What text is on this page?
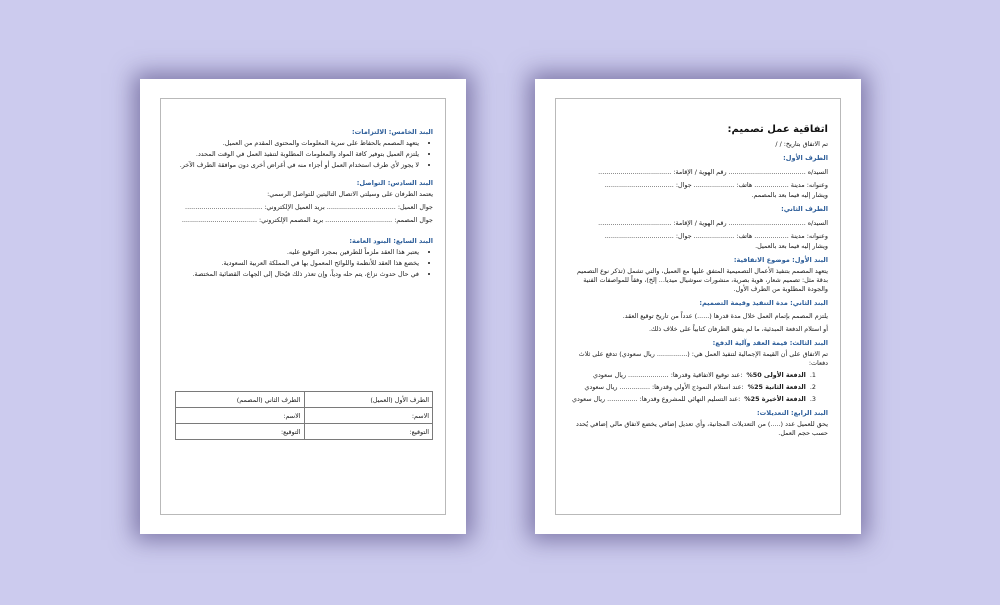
البند الخامس: الالتزامات:
• يتعهد المصمم بالحفاظ على سرية المعلومات والمحتوى المقدم من العميل.
• يلتزم العميل بتوفير كافة المواد والمعلومات المطلوبة لتنفيذ العمل في الوقت المحدد.
• لا يجوز لأي طرف استخدام العمل أو أجزاء منه في أغراض أخرى دون موافقة الطرف الآخر.
البند السادس: التواصل:
يعتمد الطرفان على وسيلتي الاتصال التاليتين للتواصل الرسمي:
جوال العميل: .................................. بريد العميل الإلكتروني: ......................................
جوال المصمم: ................................. بريد المصمم الإلكتروني: .....................................
البند السابع: البنود العامة:
• يعتبر هذا العقد ملزماً للطرفين بمجرد التوقيع عليه.
• يخضع هذا العقد للأنظمة واللوائح المعمول بها في المملكة العربية السعودية.
• في حال حدوث نزاع، يتم حله ودياً، وإن تعذر ذلك فيُحال إلى الجهات القضائية المختصة.
الطرف الأول (العميل)	الطرف الثاني (المصمم)
الاسم:	الاسم:
التوقيع:	التوقيع:
اتفاقية عمل تصميم:
تم الاتفاق بتاريخ: / /
الطرف الأول:
السيد/ه ...................................... رقم الهوية / الإقامة: ....................................
وعنوانه: مدينة ................. هاتف: .................... جوال: ..................................
ويشار إليه فيما بعد بالمصمم.
الطرف الثاني:
السيد/ه ...................................... رقم الهوية / الإقامة: ....................................
وعنوانه: مدينة ................. هاتف: .................... جوال: ..................................
ويشار إليه فيما بعد بالعميل.
البند الأول: موضوع الاتفاقية:
يتعهد المصمم بتنفيذ الأعمال التصميمية المتفق عليها مع العميل، والتي تشمل (تذكر نوع التصميم بدقة مثل: تصميم شعار، هوية بصرية، منشورات سوشيال ميديا... إلخ)، وفقاً للمواصفات الفنية والجودة المطلوبة من الطرف الأول.
البند الثاني: مدة التنفيذ وقيمة التصميم:
يلتزم المصمم بإتمام العمل خلال مدة قدرها (......) عدداً من تاريخ توقيع العقد.
أو استلام الدفعة المبدئية، ما لم يتفق الطرفان كتابياً على خلاف ذلك.
البند الثالث: قيمة العقد وآلية الدفع:
تم الاتفاق على أن القيمة الإجمالية لتنفيذ العمل هي: (............... ريال سعودي) تدفع على ثلاث دفعات:
1.
الدفعة الأولى 50%
:عند توقيع الاتفاقية وقدرها: .................... ريال سعودي
2.
الدفعة الثانية 25%
:عند استلام النموذج الأولي وقدرها: ............... ريال سعودي
3.
الدفعة الأخيرة 25%
:عند التسليم النهائي للمشروع وقدرها: ............... ريال سعودي
البند الرابع: التعديلات:
يحق للعميل عدد (.....) من التعديلات المجانية، وأي تعديل إضافي يخضع لاتفاق مالي إضافي يُحدد حسب حجم العمل.
